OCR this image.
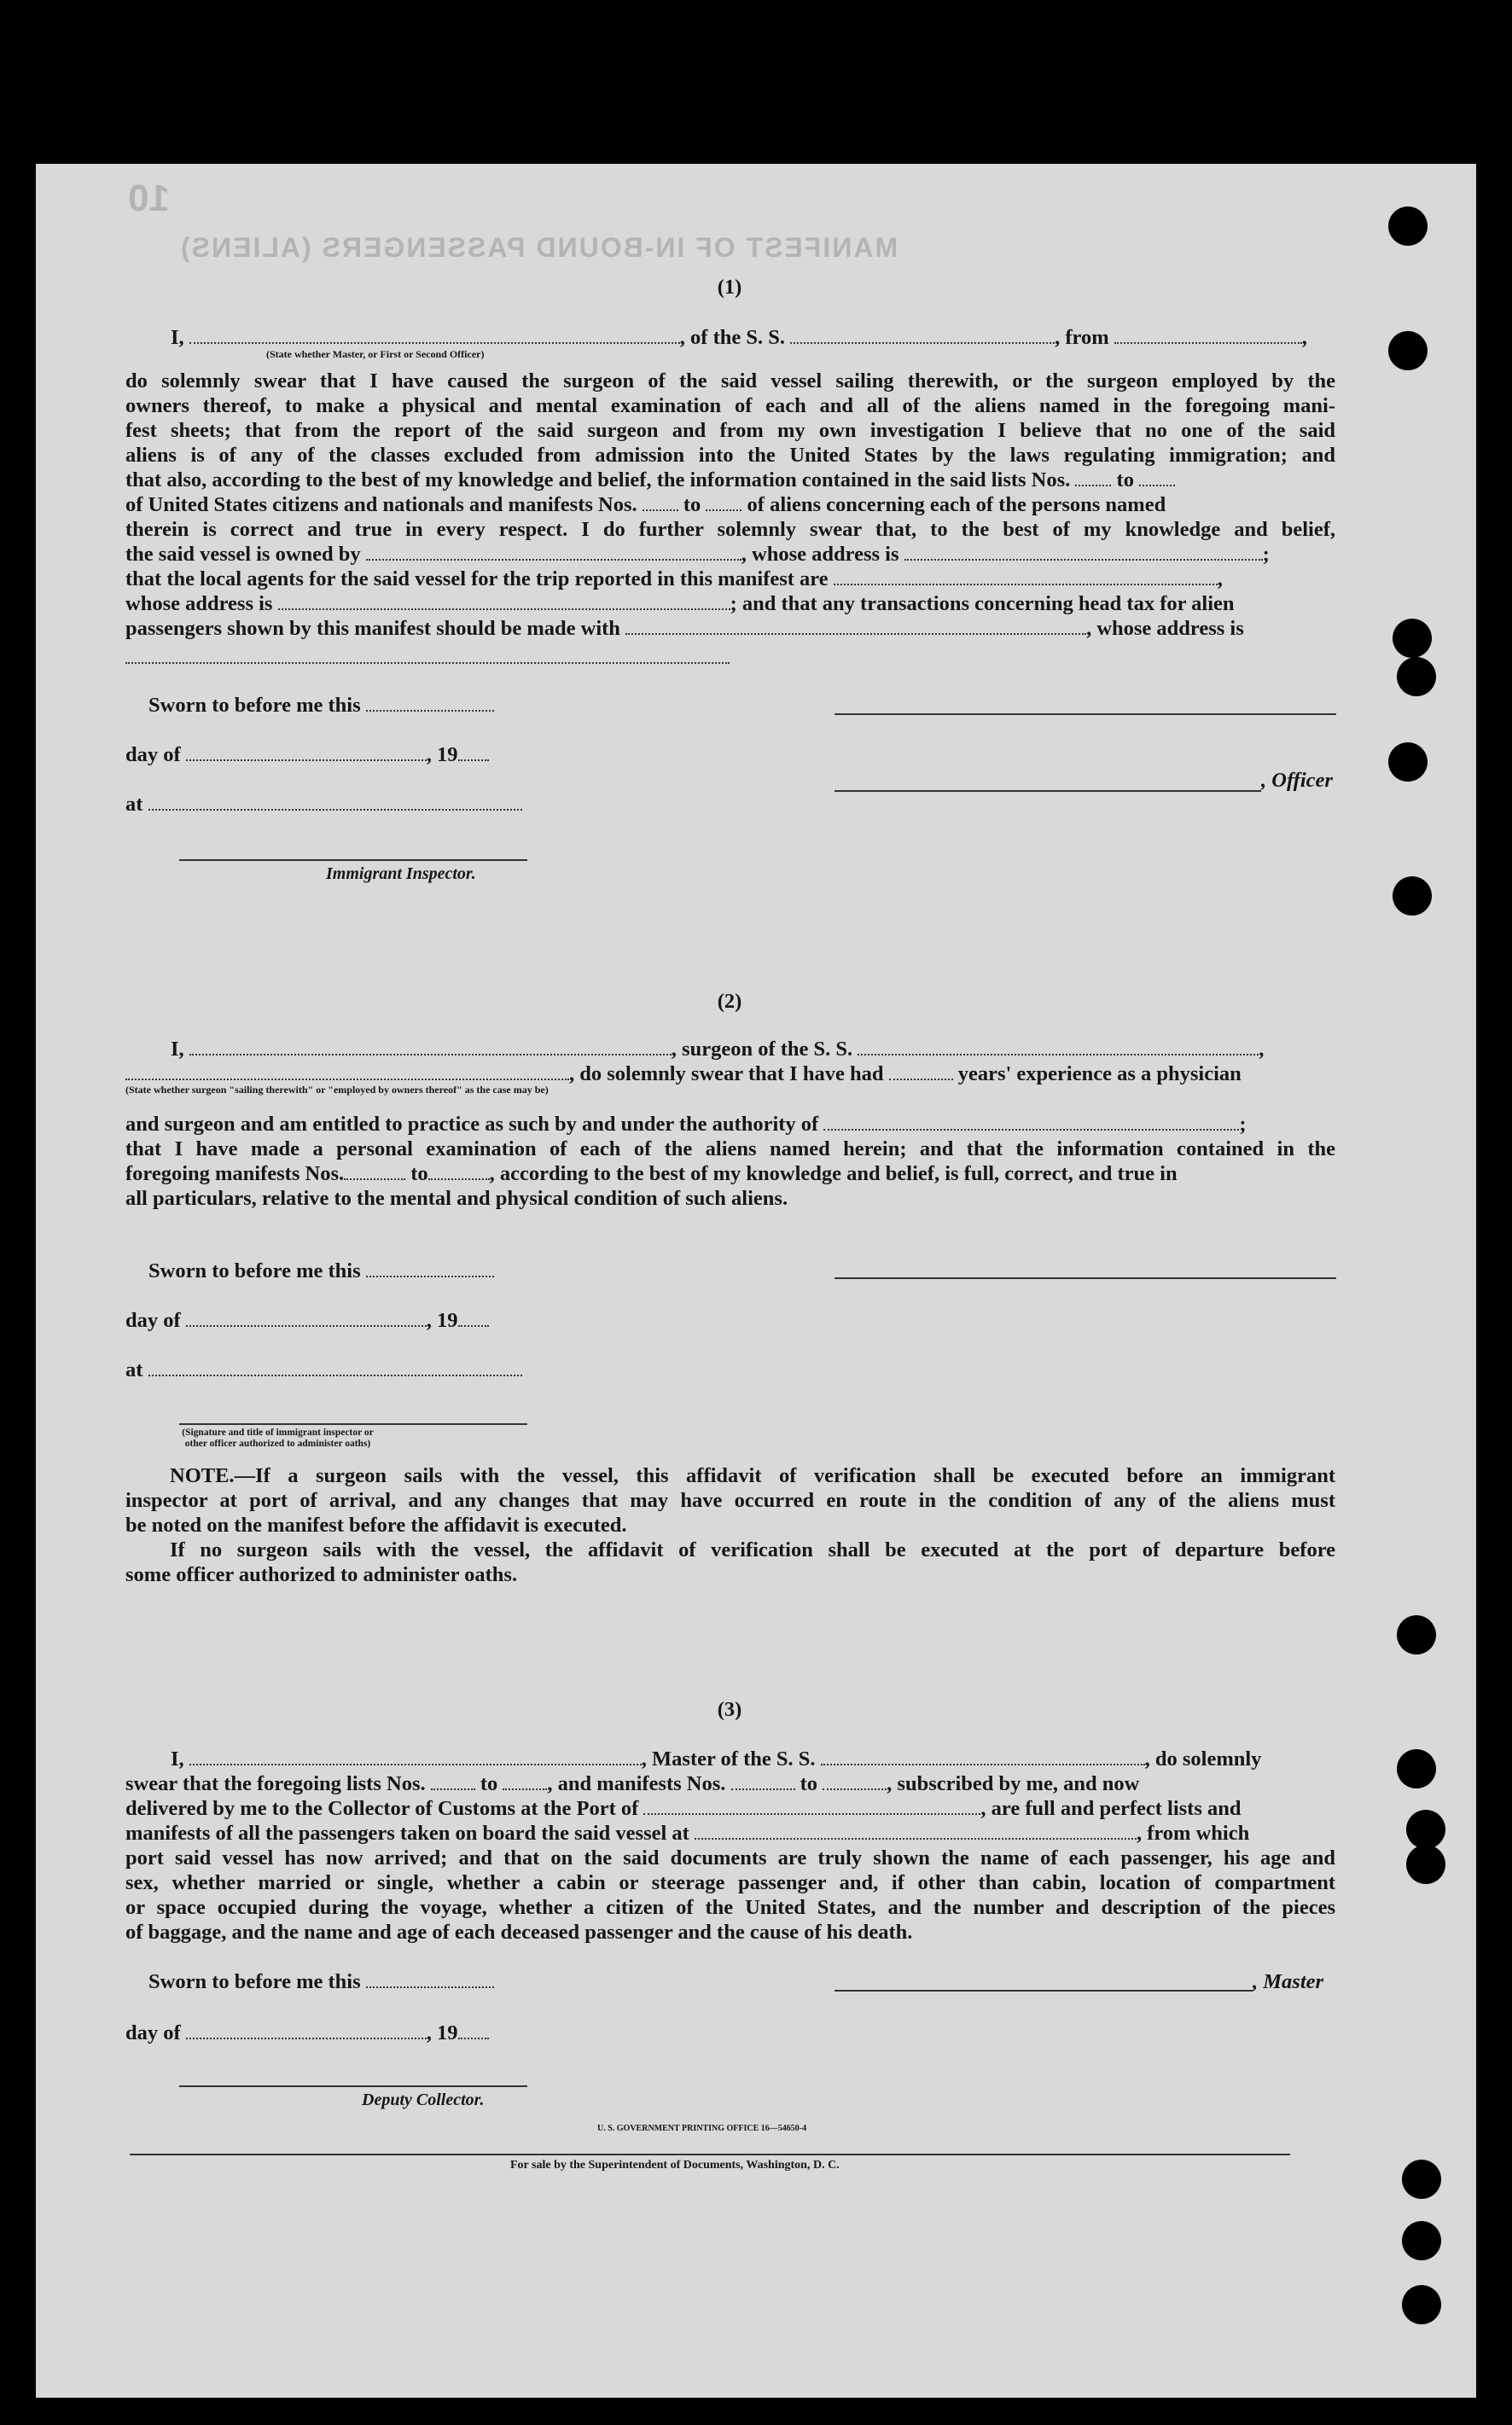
10
MANIFEST OF IN-BOUND PASSENGERS (ALIENS)
(1)
I,	, of the S. S.	, from	,
(State whether Master, or First or Second Officer)
do solemnly swear that I have caused the surgeon of the said vessel sailing therewith, or the surgeon employed by the
owners thereof, to make a physical and mental examination of each and all of the aliens named in the foregoing mani-
fest sheets; that from the report of the said surgeon and from my own investigation I believe that no one of the said
aliens is of any of the classes excluded from admission into the United States by the laws regulating immigration; and
that also, according to the best of my knowledge and belief, the information contained in the said lists Nos. to
of United States citizens and nationals and manifests Nos. to of aliens concerning each of the persons named
therein is correct and true in every respect. I do further solemnly swear that, to the best of my knowledge and belief,
the said vessel is owned by	, whose address is	;
that the local agents for the said vessel for the trip reported in this manifest are	,
whose address is	; and that any transactions concerning head tax for alien
passengers shown by this manifest should be made with	, whose address is
Sworn to before me this
day of	, 19
at
Immigrant Inspector.
, Officer
(2)
I,	, surgeon of the S. S.	,
, do solemnly swear that I have had	years' experience as a physician
(State whether surgeon "sailing therewith" or "employed by owners thereof" as the case may be)
and surgeon and am entitled to practice as such by and under the authority of	;
that I have made a personal examination of each of the aliens named herein; and that the information contained in the
foregoing manifests Nos.	to	, according to the best of my knowledge and belief, is full, correct, and true in
all particulars, relative to the mental and physical condition of such aliens.
Sworn to before me this
day of	, 19
at
(Signature and title of immigrant inspector or other officer authorized to administer oaths)
NOTE.—If a surgeon sails with the vessel, this affidavit of verification shall be executed before an immigrant
inspector at port of arrival, and any changes that may have occurred en route in the condition of any of the aliens must
be noted on the manifest before the affidavit is executed.
If no surgeon sails with the vessel, the affidavit of verification shall be executed at the port of departure before
some officer authorized to administer oaths.
(3)
I,	, Master of the S. S.	, do solemnly
swear that the foregoing lists Nos.	to , and manifests Nos.	to	, subscribed by me, and now
delivered by me to the Collector of Customs at the Port of	, are full and perfect lists and
manifests of all the passengers taken on board the said vessel at	, from which
port said vessel has now arrived; and that on the said documents are truly shown the name of each passenger, his age and
sex, whether married or single, whether a cabin or steerage passenger and, if other than cabin, location of compartment
or space occupied during the voyage, whether a citizen of the United States, and the number and description of the pieces
of baggage, and the name and age of each deceased passenger and the cause of his death.
Sworn to before me this
day of	, 19
, Master
Deputy Collector.
U. S. GOVERNMENT PRINTING OFFICE 16—54650-4
For sale by the Superintendent of Documents, Washington, D. C.
